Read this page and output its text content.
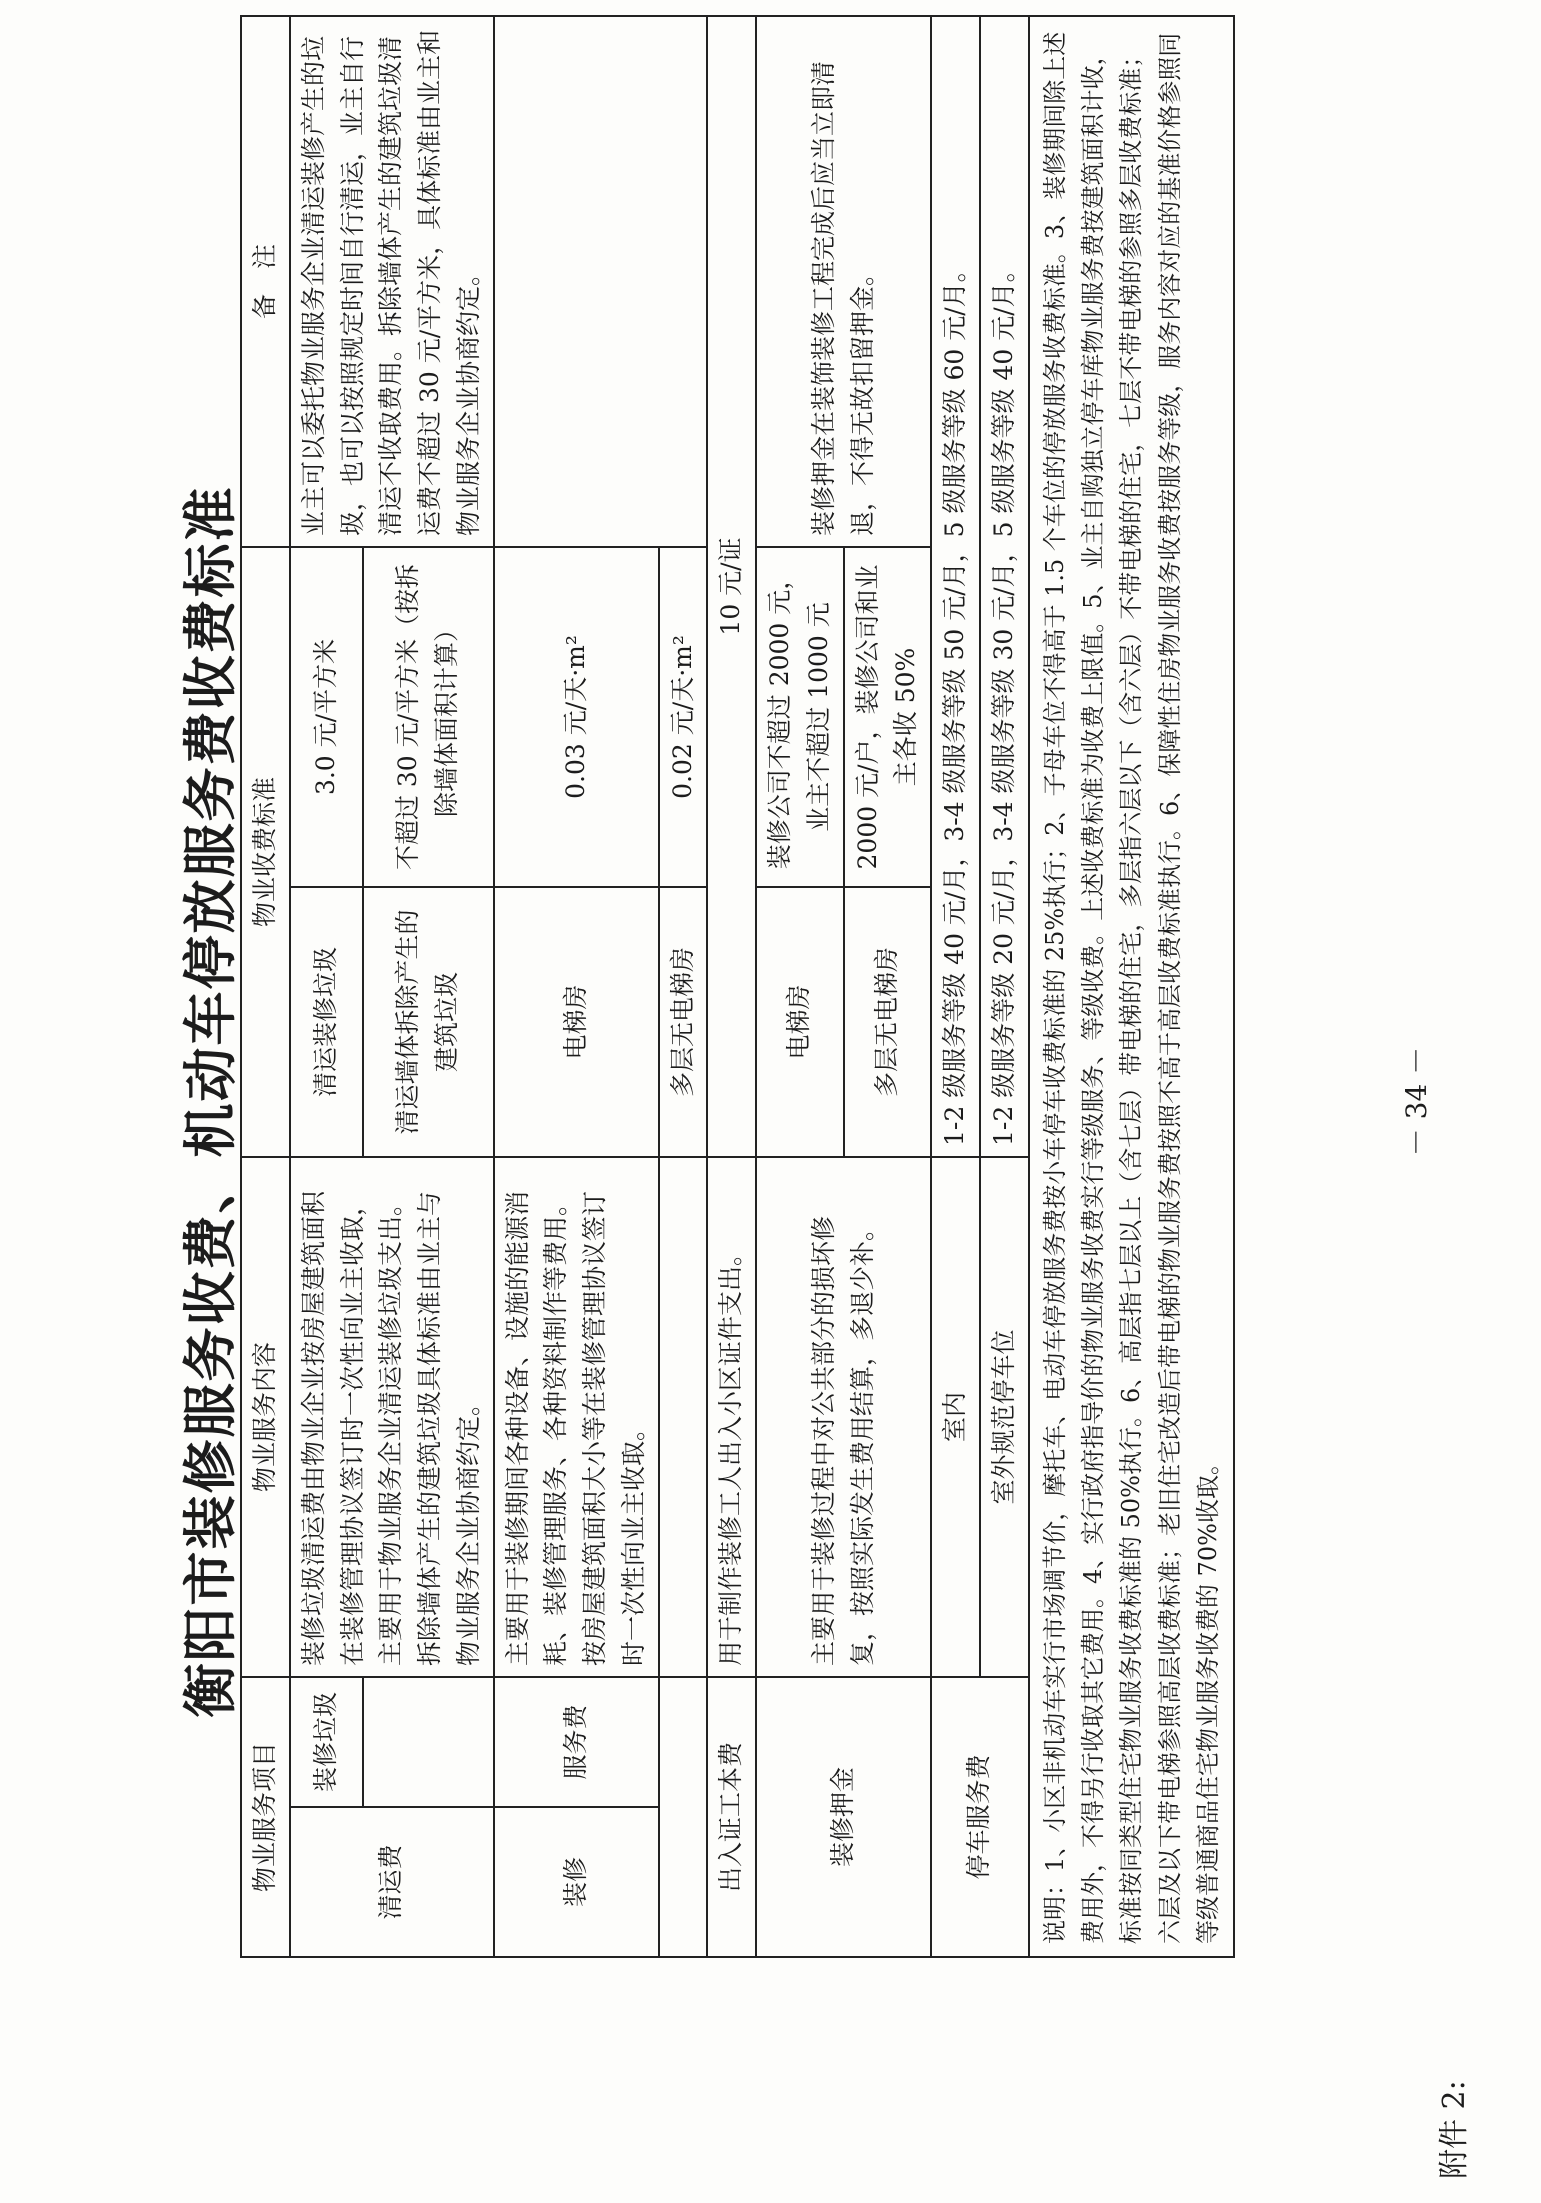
附件 2:
衡阳市装修服务收费、机动车停放服务费收费标准
物业服务项目		物业服务内容	物业收费标准		备　注
清运费	装修垃圾	装修垃圾清运费由物业企业按房屋建筑面积在装修管理协议签订时一次性向业主收取，主要用于物业服务企业清运装修垃圾支出。拆除墙体产生的建筑垃圾具体标准由业主与物业服务企业协商约定。	清运装修垃圾	3.0 元/平方米	业主可以委托物业服务企业清运装修产生的垃圾，也可以按照规定时间自行清运，业主自行清运不收取费用。拆除墙体产生的建筑垃圾清运费不超过 30 元/平方米，具体标准由业主和物业服务企业协商约定。
			清运墙体拆除产生的建筑垃圾	不超过 30 元/平方米（按拆除墙体面积计算）	
装修	服务费	主要用于装修期间各种设备、设施的能源消耗、装修管理服务、各种资料制作等费用。按房屋建筑面积大小等在装修管理协议签订时一次性向业主收取。	电梯房	0.03 元/天·m²	
			多层无电梯房	0.02 元/天·m²	
出入证工本费		用于制作装修工人出入小区证件支出。	10 元/证		
装修押金		主要用于装修过程中对公共部分的损坏修复，按照实际发生费用结算，多退少补。	电梯房	装修公司不超过 2000 元，业主不超过 1000 元	装修押金在装饰装修工程完成后应当立即清退，不得无故扣留押金。
			多层无电梯房	2000 元/户，装修公司和业主各收 50%	
停车服务费		室内	1-2 级服务等级 40 元/月，3-4 级服务等级 50 元/月，5 级服务等级 60 元/月。		
		室外规范停车位	1-2 级服务等级 20 元/月，3-4 级服务等级 30 元/月，5 级服务等级 40 元/月。		
说明：1、小区非机动车实行市场调节价，摩托车、电动车停放服务费按小车停车收费标准的 25%执行；2、子母车位不得高于 1.5 个车位的停放服务收费标准。3、装修期间除上述费用外，不得另行收取其它费用。4、实行政府指导价的物业服务收费实行等级服务、等级收费。上述收费标准为收费上限值。5、业主自购独立停车库物业服务费按建筑面积计收，标准按同类型住宅物业服务收费标准的 50%执行。6、高层指七层以上（含七层）带电梯的住宅，多层指六层以下（含六层）不带电梯的住宅，七层不带电梯的参照多层收费标准；六层及以下带电梯参照高层收费标准；老旧住宅改造后带电梯的物业服务费按照不高于高层收费标准执行。6、保障性住房物业服务收费按服务等级，服务内容对应的基准价格参照同等级普通商品住宅物业服务收费的 70%收取。					
－ 34 －
